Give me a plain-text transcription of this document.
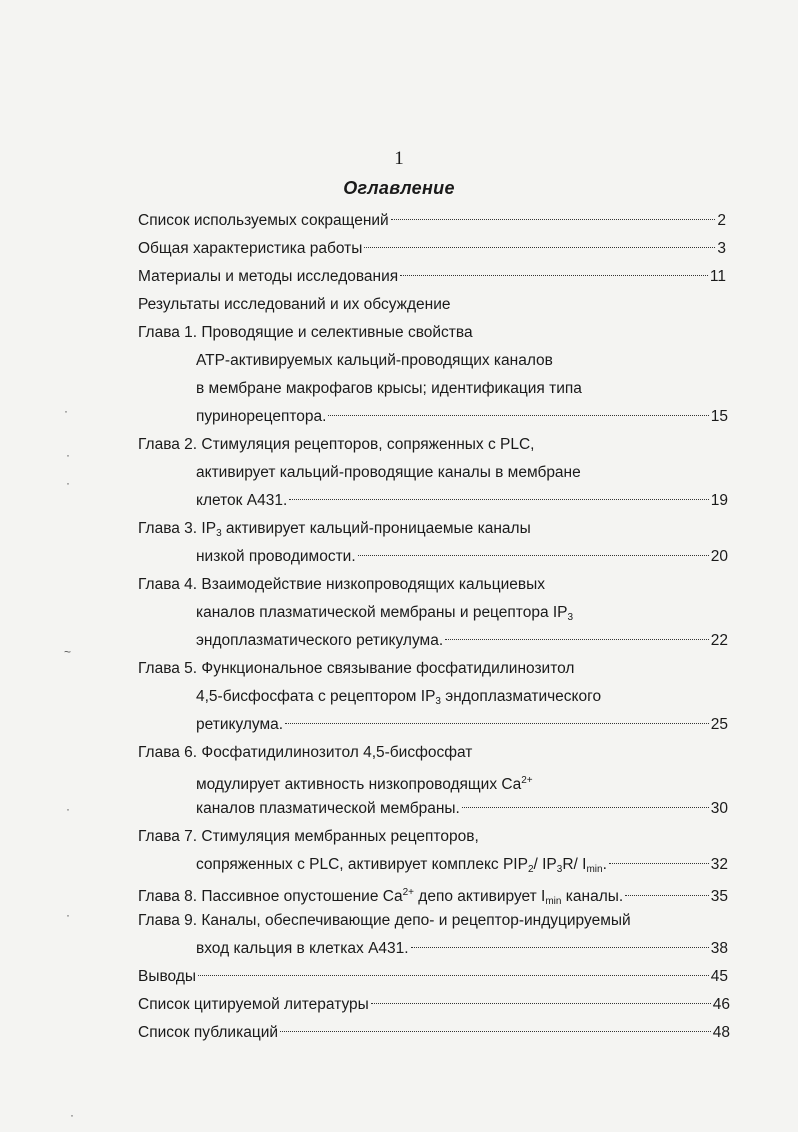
1
Оглавление
Список используемых сокращений	2
Общая характеристика работы	3
Материалы и методы исследования	11
Результаты исследований и их обсуждение
Глава 1. Проводящие и селективные свойства
АТР-активируемых кальций-проводящих каналов
в мембране макрофагов крысы; идентификация типа
пуринорецептора.	15
Глава 2. Стимуляция рецепторов, сопряженных с PLC,
активирует кальций-проводящие каналы в мембране
клеток А431.	19
Глава 3. $IP_3$ активирует кальций-проницаемые каналы
низкой проводимости.	20
Глава 4. Взаимодействие низкопроводящих кальциевых
каналов плазматической мембраны и рецептора $IP_3$
эндоплазматического ретикулума.	22
Глава 5. Функциональное связывание фосфатидилинозитол
4,5-бисфосфата с рецептором $IP_3$ эндоплазматического
ретикулума.	25
Глава 6. Фосфатидилинозитол 4,5-бисфосфат
модулирует активность низкопроводящих $Ca^{2+}$
каналов плазматической мембраны.	30
Глава 7. Стимуляция мембранных рецепторов,
сопряженных с PLC, активирует комплекс $PIP_2/$ $IP_3R/$ $I_{min}$.	32
Глава 8. Пассивное опустошение $Ca^{2+}$ депо активирует $I_{min}$ каналы.	35
Глава 9. Каналы, обеспечивающие депо- и рецептор-индуцируемый
вход кальция в клетках А431.	38
Выводы	45
Список цитируемой литературы	46
Список публикаций	48
·
·
·
~
·
·
·
